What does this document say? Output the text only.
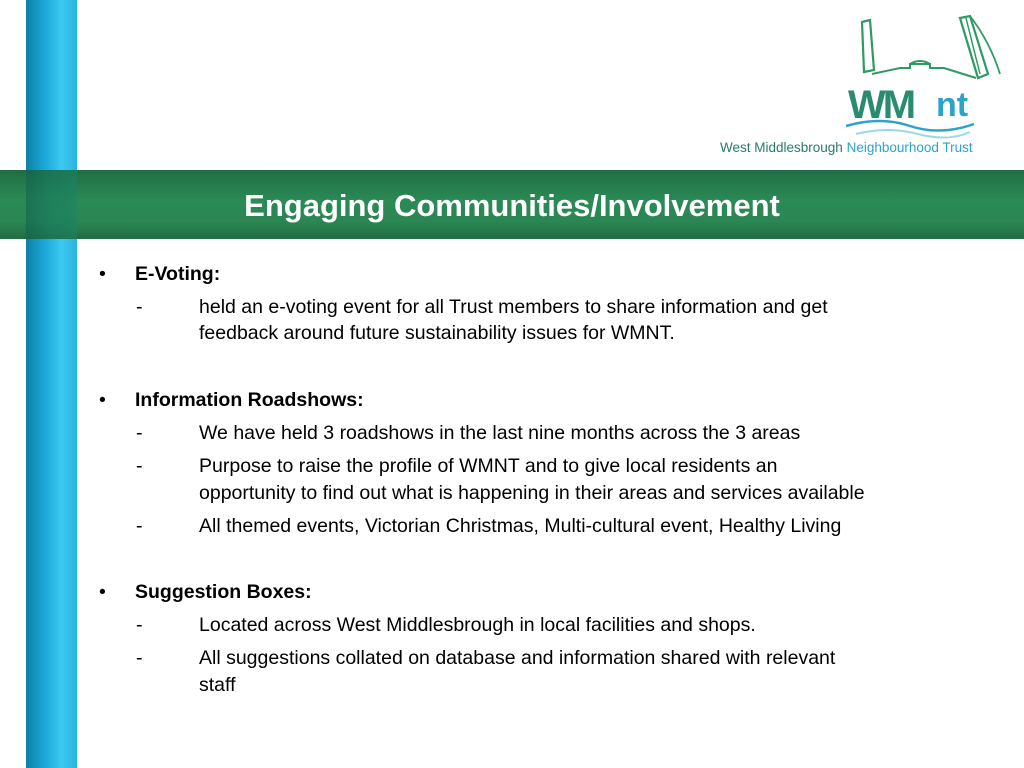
Engaging Communities/Involvement
WM nt
West Middlesbrough Neighbourhood Trust
• E-Voting:
-	held an e-voting event for all Trust members to share information and get
feedback around future sustainability issues for WMNT.
• Information Roadshows:
-	We have held 3 roadshows in the last nine months across the 3 areas
-	Purpose to raise the profile of WMNT and to give local residents an
opportunity to find out what is happening in their areas and services available
-	All themed events, Victorian Christmas, Multi-cultural event, Healthy Living
• Suggestion Boxes:
-	Located across West Middlesbrough in local facilities and shops.
-	All suggestions collated on database and information shared with relevant
staff
